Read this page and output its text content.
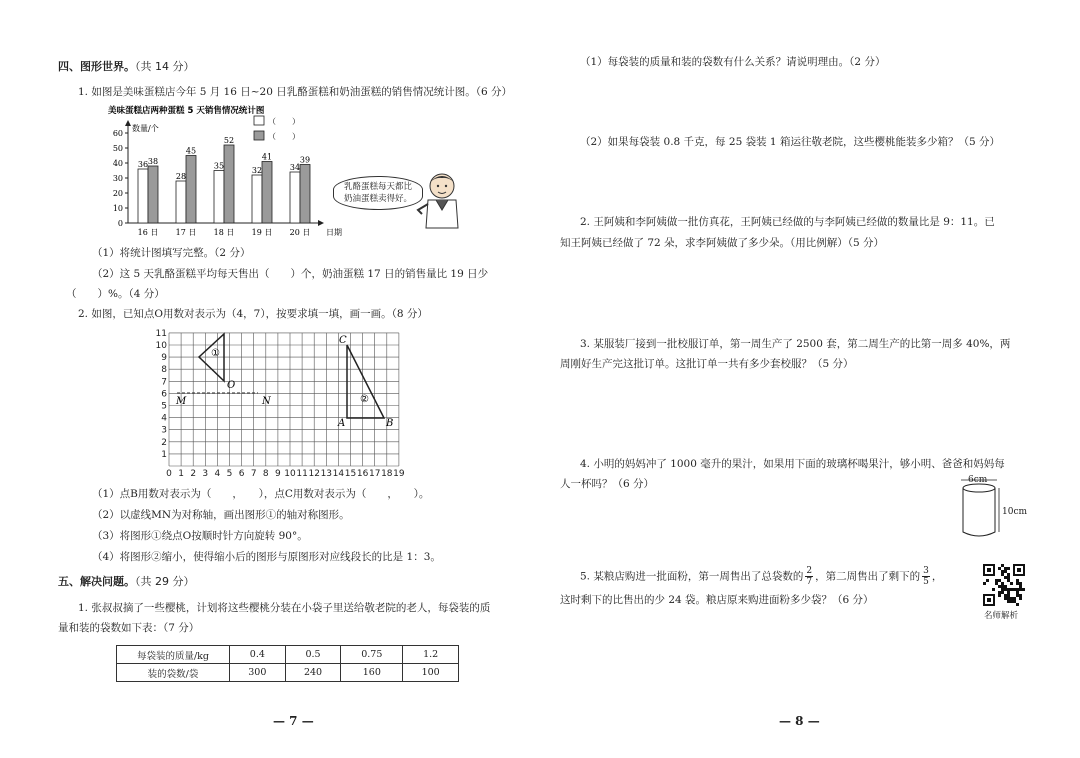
四、图形世界。（共 14 分）
1. 如图是美味蛋糕店今年 5 月 16 日~20 日乳酪蛋糕和奶油蛋糕的销售情况统计图。（6 分）
美味蛋糕店两种蛋糕 5 天销售情况统计图
数量/个
日期
0
10
20
30
40
50
60
36 38
16 日
28
45
17 日
35
52
18 日
32
41
19 日
34
39
20 日
（　　）
（　　）
乳酪蛋糕每天都比
奶油蛋糕卖得好。
（1）将统计图填写完整。（2 分）
（2）这 5 天乳酪蛋糕平均每天售出（　　）个，奶油蛋糕 17 日的销售量比 19 日少
（　　）%。（4 分）
2. 如图，已知点O用数对表示为（4，7），按要求填一填，画一画。（8 分）
0 1 2 3 4 5 6 7 8 9 10 11 12 13 14 15 16 17 18 19
1
2
3
4
5
6
7
8
9
10
11
O
C
M	N
A	B
①
②
（1）点B用数对表示为（　　，　　），点C用数对表示为（　　，　　）。
（2）以虚线MN为对称轴，画出图形①的轴对称图形。
（3）将图形①绕点O按顺时针方向旋转 90°。
（4）将图形②缩小，使得缩小后的图形与原图形对应线段长的比是 1：3。
五、解决问题。（共 29 分）
1. 张叔叔摘了一些樱桃，计划将这些樱桃分装在小袋子里送给敬老院的老人，每袋装的质
量和装的袋数如下表：（7 分）
每袋装的质量/kg	0.4	0.5	0.75	1.2
装的袋数/袋	300	240	160	100
— 7 —
（1）每袋装的质量和装的袋数有什么关系？请说明理由。（2 分）
（2）如果每袋装 0.8 千克，每 25 袋装 1 箱运往敬老院，这些樱桃能装多少箱？（5 分）
2. 王阿姨和李阿姨做一批仿真花，王阿姨已经做的与李阿姨已经做的数量比是 9：11。已
知王阿姨已经做了 72 朵，求李阿姨做了多少朵。（用比例解）（5 分）
3. 某服装厂接到一批校服订单，第一周生产了 2500 套，第二周生产的比第一周多 40%，两
周刚好生产完这批订单。这批订单一共有多少套校服？（5 分）
4. 小明的妈妈冲了 1000 毫升的果汁，如果用下面的玻璃杯喝果汁，够小明、爸爸和妈妈每
人一杯吗？（6 分）	6cm
10cm
5. 某粮店购进一批面粉，第一周售出了总袋数的 $\frac{2}{7}$ ，第二周售出了剩下的 $\frac{3}{5}$ ，
这时剩下的比售出的少 24 袋。粮店原来购进面粉多少袋？（6 分）
名师解析
— 8 —
